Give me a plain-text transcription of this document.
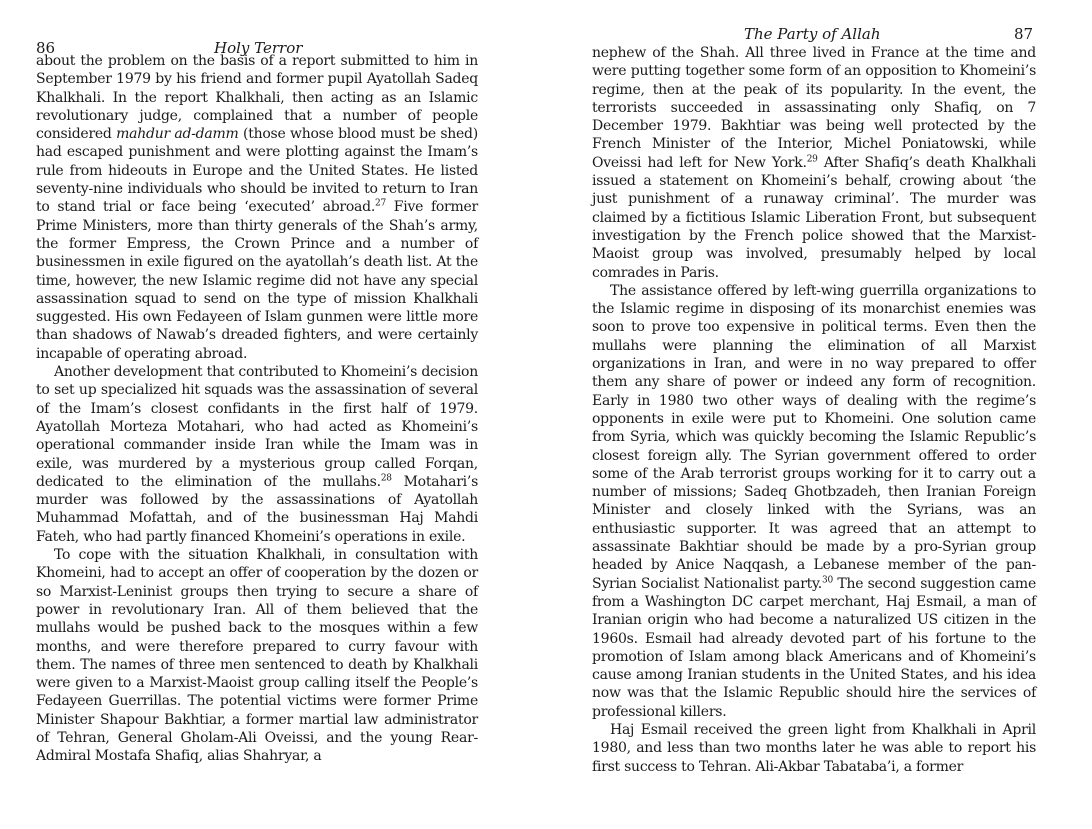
86	Holy Terror

about the problem on the basis of a report submitted to him in September 1979 by his friend and former pupil Ayatollah Sadeq Khalkhali. In the report Khalkhali, then acting as an Islamic revolutionary judge, complained that a number of people considered mahdur ad-damm (those whose blood must be shed) had escaped punishment and were plotting against the Imam’s rule from hideouts in Europe and the United States. He listed seventy-nine individuals who should be invited to return to Iran to stand trial or face being ‘executed’ abroad.$^{27}$ Five former Prime Ministers, more than thirty generals of the Shah’s army, the former Empress, the Crown Prince and a number of businessmen in exile figured on the ayatollah’s death list. At the time, however, the new Islamic regime did not have any special assassination squad to send on the type of mission Khalkhali suggested. His own Fedayeen of Islam gunmen were little more than shadows of Nawab’s dreaded fighters, and were certainly incapable of operating abroad.

Another development that contributed to Khomeini’s decision to set up specialized hit squads was the assassination of several of the Imam’s closest confidants in the first half of 1979. Ayatollah Morteza Motahari, who had acted as Khomeini’s operational commander inside Iran while the Imam was in exile, was murdered by a mysterious group called Forqan, dedicated to the elimination of the mullahs.$^{28}$ Motahari’s murder was followed by the assassinations of Ayatollah Muhammad Mofattah, and of the businessman Haj Mahdi Fateh, who had partly financed Khomeini’s operations in exile.

To cope with the situation Khalkhali, in consultation with Khomeini, had to accept an offer of cooperation by the dozen or so Marxist-Leninist groups then trying to secure a share of power in revolutionary Iran. All of them believed that the mullahs would be pushed back to the mosques within a few months, and were therefore prepared to curry favour with them. The names of three men sentenced to death by Khalkhali were given to a Marxist-Maoist group calling itself the People’s Fedayeen Guerrillas. The potential victims were former Prime Minister Shapour Bakhtiar, a former martial law administrator of Tehran, General Gholam-Ali Oveissi, and the young Rear-Admiral Mostafa Shafiq, alias Shahryar, a

The Party of Allah	87

nephew of the Shah. All three lived in France at the time and were putting together some form of an opposition to Khomeini’s regime, then at the peak of its popularity. In the event, the terrorists succeeded in assassinating only Shafiq, on 7 December 1979. Bakhtiar was being well protected by the French Minister of the Interior, Michel Poniatowski, while Oveissi had left for New York.$^{29}$ After Shafiq’s death Khalkhali issued a statement on Khomeini’s behalf, crowing about ‘the just punishment of a runaway criminal’. The murder was claimed by a fictitious Islamic Liberation Front, but subsequent investigation by the French police showed that the Marxist-Maoist group was involved, presumably helped by local comrades in Paris.

The assistance offered by left-wing guerrilla organizations to the Islamic regime in disposing of its monarchist enemies was soon to prove too expensive in political terms. Even then the mullahs were planning the elimination of all Marxist organizations in Iran, and were in no way prepared to offer them any share of power or indeed any form of recognition. Early in 1980 two other ways of dealing with the regime’s opponents in exile were put to Khomeini. One solution came from Syria, which was quickly becoming the Islamic Republic’s closest foreign ally. The Syrian government offered to order some of the Arab terrorist groups working for it to carry out a number of missions; Sadeq Ghotbzadeh, then Iranian Foreign Minister and closely linked with the Syrians, was an enthusiastic supporter. It was agreed that an attempt to assassinate Bakhtiar should be made by a pro-Syrian group headed by Anice Naqqash, a Lebanese member of the pan-Syrian Socialist Nationalist party.$^{30}$ The second suggestion came from a Washington DC carpet merchant, Haj Esmail, a man of Iranian origin who had become a naturalized US citizen in the 1960s. Esmail had already devoted part of his fortune to the promotion of Islam among black Americans and of Khomeini’s cause among Iranian students in the United States, and his idea now was that the Islamic Republic should hire the services of professional killers.

Haj Esmail received the green light from Khalkhali in April 1980, and less than two months later he was able to report his first success to Tehran. Ali-Akbar Tabataba’i, a former
